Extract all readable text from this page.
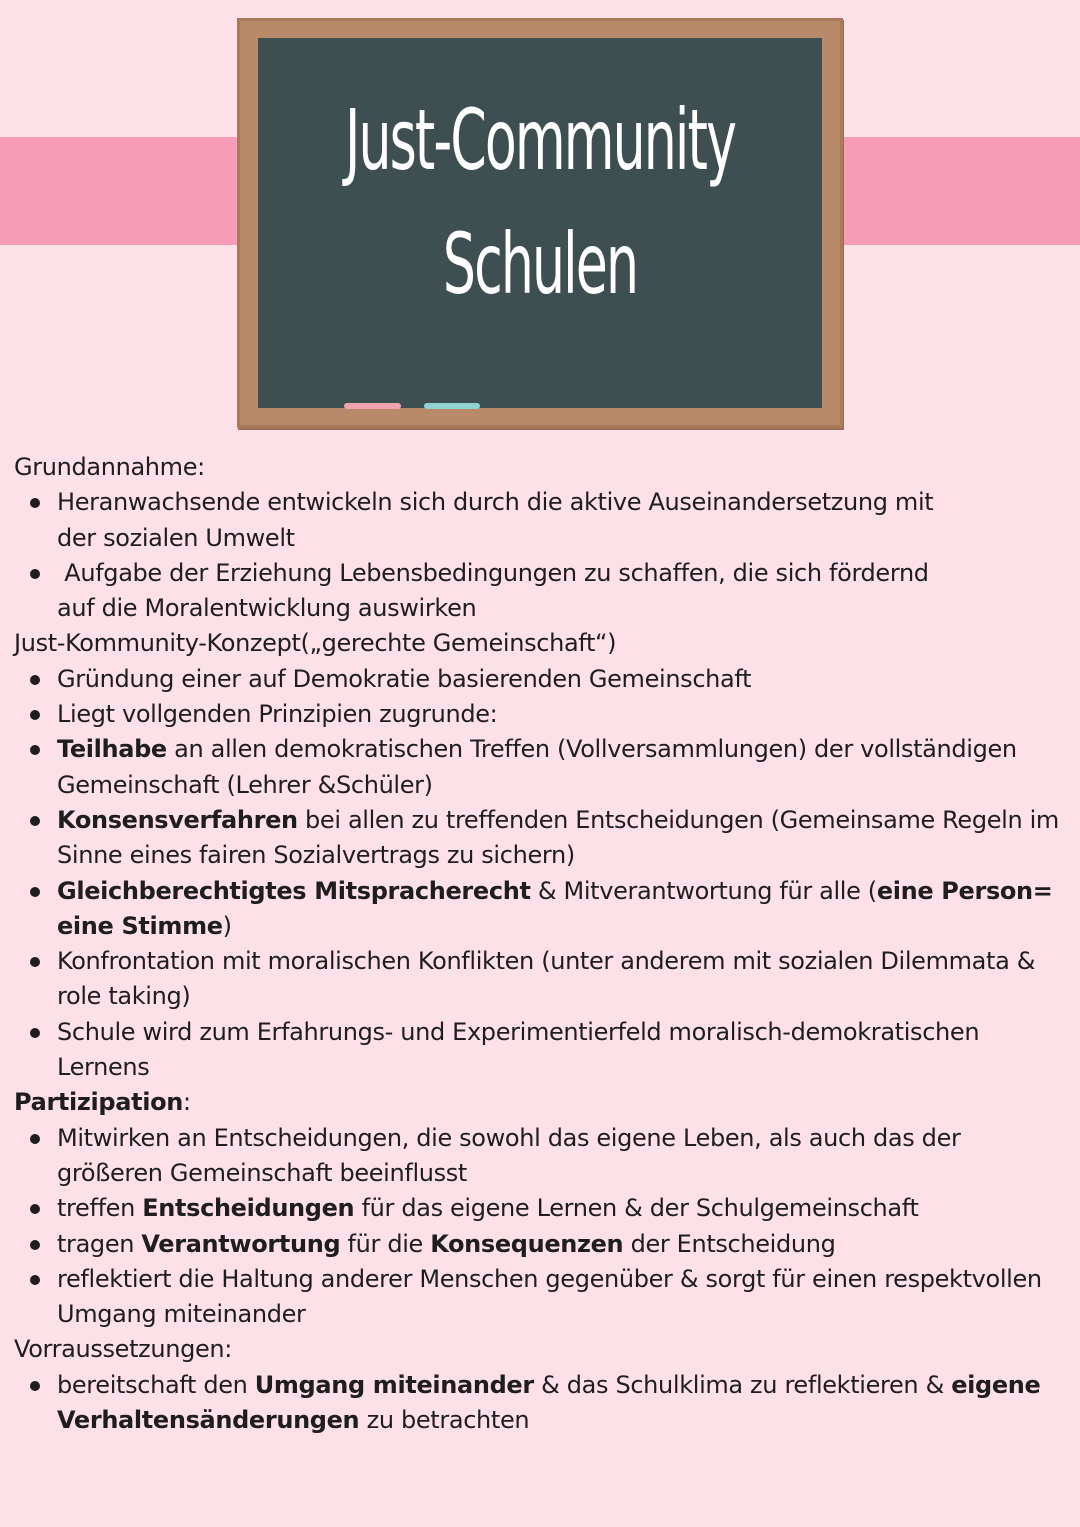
Just-Community
Schulen

Grundannahme:

Heranwachsende entwickeln sich durch die aktive Auseinandersetzung mit der sozialen Umwelt
Aufgabe der Erziehung Lebensbedingungen zu schaffen, die sich fördernd auf die Moralentwicklung auswirken

Just-Kommunity-Konzept(„gerechte Gemeinschaft“)

Gründung einer auf Demokratie basierenden Gemeinschaft
Liegt vollgenden Prinzipien zugrunde:
Teilhabe an allen demokratischen Treffen (Vollversammlungen) der vollständigen Gemeinschaft (Lehrer &Schüler)
Konsensverfahren bei allen zu treffenden Entscheidungen (Gemeinsame Regeln im Sinne eines fairen Sozialvertrags zu sichern)
Gleichberechtigtes Mitspracherecht & Mitverantwortung für alle (eine Person= eine Stimme)
Konfrontation mit moralischen Konflikten (unter anderem mit sozialen Dilemmata & role taking)
Schule wird zum Erfahrungs- und Experimentierfeld moralisch-demokratischen Lernens

Partizipation:

Mitwirken an Entscheidungen, die sowohl das eigene Leben, als auch das der größeren Gemeinschaft beeinflusst
treffen Entscheidungen für das eigene Lernen & der Schulgemeinschaft
tragen Verantwortung für die Konsequenzen der Entscheidung
reflektiert die Haltung anderer Menschen gegenüber & sorgt für einen respektvollen Umgang miteinander

Vorraussetzungen:

bereitschaft den Umgang miteinander & das Schulklima zu reflektieren & eigene Verhaltensänderungen zu betrachten
